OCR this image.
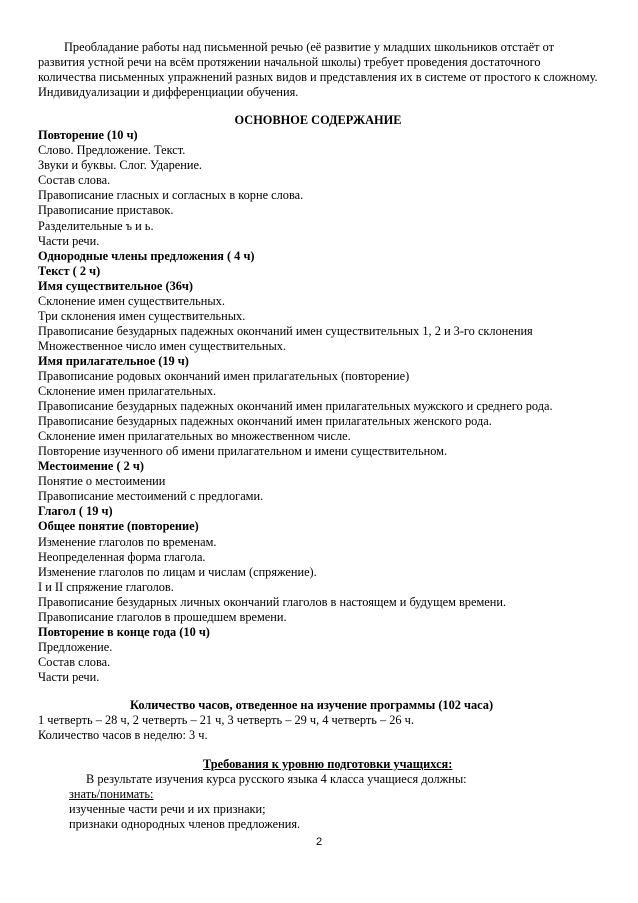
Преобладание работы над письменной речью (её развитие у младших школьников отстаёт от развития устной речи на всём протяжении начальной школы) требует проведения достаточного количества письменных упражнений разных видов и представления их в системе от простого к сложному. Индивидуализации и дифференциации обучения.

ОСНОВНОЕ СОДЕРЖАНИЕ
Повторение (10 ч)
Слово. Предложение. Текст.
Звуки и буквы. Слог. Ударение.
Состав слова.
Правописание гласных и согласных в корне слова.
Правописание приставок.
Разделительные ъ и ь.
Части речи.
Однородные члены предложения ( 4 ч)
Текст ( 2 ч)
Имя существительное (36ч)
Склонение имен существительных.
Три склонения имен существительных.
Правописание безударных падежных окончаний имен существительных 1, 2 и 3-го склонения
Множественное число имен существительных.
Имя прилагательное (19 ч)
Правописание родовых окончаний имен прилагательных (повторение)
Склонение имен прилагательных.
Правописание безударных падежных окончаний имен прилагательных мужского и среднего рода.
Правописание безударных падежных окончаний имен прилагательных женского рода.
Склонение имен прилагательных во множественном числе.
Повторение изученного об имени прилагательном и имени существительном.
Местоимение ( 2 ч)
Понятие о местоимении
Правописание местоимений с предлогами.
Глагол ( 19 ч)
Общее понятие (повторение)
Изменение глаголов по временам.
Неопределенная форма глагола.
Изменение глаголов по лицам и числам (спряжение).
I и II спряжение глаголов.
Правописание безударных личных окончаний глаголов в настоящем и будущем времени.
Правописание глаголов в прошедшем времени.
Повторение в конце года (10 ч)
Предложение.
Состав слова.
Части речи.
Количество часов, отведенное на изучение программы (102 часа)
1 четверть – 28 ч, 2 четверть – 21 ч, 3 четверть – 29 ч, 4 четверть – 26 ч.
Количество часов в неделю: 3 ч.
Требования к уровню подготовки учащихся:
В результате изучения курса русского языка 4 класса учащиеся должны:
знать/понимать:
изученные части речи и их признаки;
признаки однородных членов предложения.
2
